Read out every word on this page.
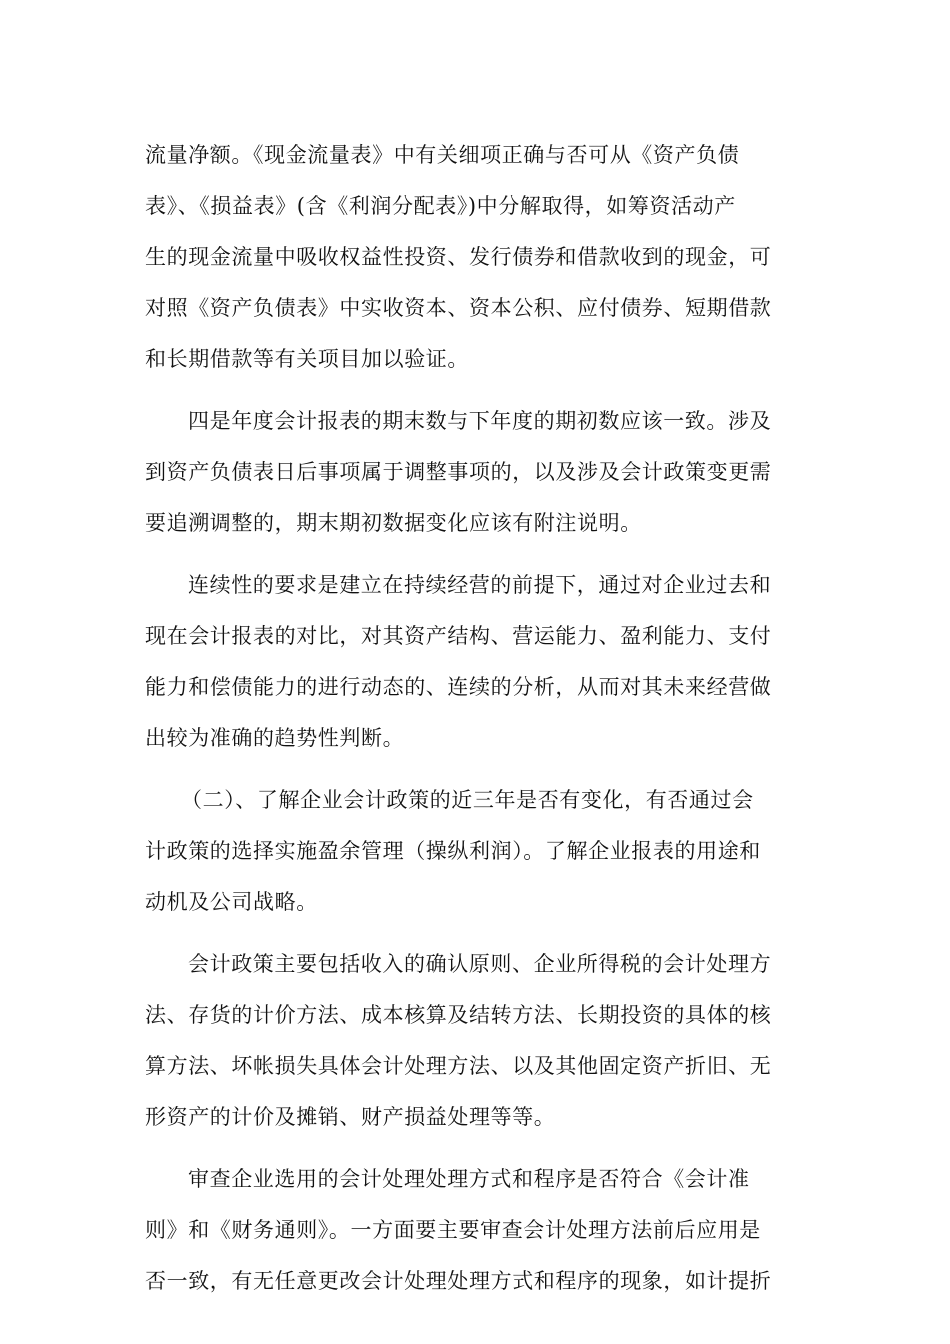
流量净额。《现金流量表》中有关细项正确与否可从《资产负债
表》、《损益表》(含《利润分配表》)中分解取得，如筹资活动产
生的现金流量中吸收权益性投资、发行债券和借款收到的现金，可
对照《资产负债表》中实收资本、资本公积、应付债券、短期借款
和长期借款等有关项目加以验证。
四是年度会计报表的期末数与下年度的期初数应该一致。涉及
到资产负债表日后事项属于调整事项的，以及涉及会计政策变更需
要追溯调整的，期末期初数据变化应该有附注说明。
连续性的要求是建立在持续经营的前提下，通过对企业过去和
现在会计报表的对比，对其资产结构、营运能力、盈利能力、支付
能力和偿债能力的进行动态的、连续的分析，从而对其未来经营做
出较为准确的趋势性判断。
（二）、了解企业会计政策的近三年是否有变化，有否通过会
计政策的选择实施盈余管理（操纵利润）。了解企业报表的用途和
动机及公司战略。
会计政策主要包括收入的确认原则、企业所得税的会计处理方
法、存货的计价方法、成本核算及结转方法、长期投资的具体的核
算方法、坏帐损失具体会计处理方法、以及其他固定资产折旧、无
形资产的计价及摊销、财产损益处理等等。
审查企业选用的会计处理处理方式和程序是否符合《会计准
则》和《财务通则》。一方面要主要审查会计处理方法前后应用是
否一致，有无任意更改会计处理处理方式和程序的现象，如计提折
